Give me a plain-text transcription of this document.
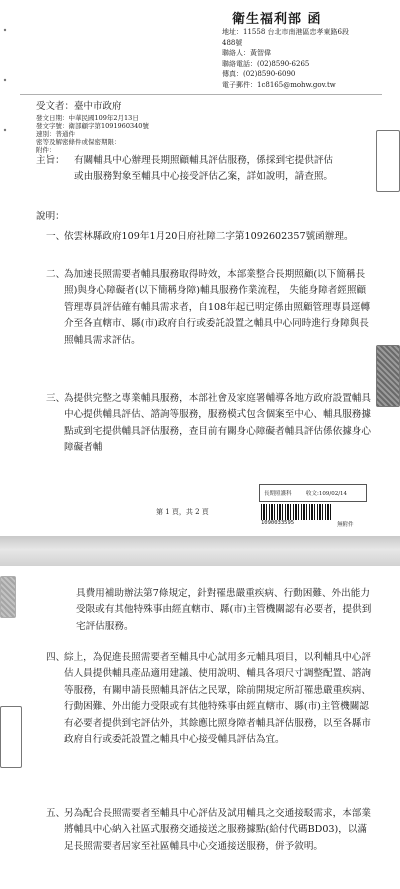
衛生福利部 函
地址：11558 台北市南港區忠孝東路6段
488號
聯絡人：黃智偉
聯絡電話：(02)8590-6265
傳真：(02)8590-6090
電子郵件：1c8165@mohw.gov.tw
受文者：臺中市政府
發文日期：中華民國109年2月13日
發文字號：衛部顧字第1091960340號
速別：普通件
密等及解密條件或保密期限：
附件：
主旨： 有關輔具中心辦理長期照顧輔具評估服務，係採到宅提供評估或由服務對象至輔具中心接受評估乙案，詳如說明，請查照。
說明：
一、
依雲林縣政府109年1月20日府社障二字第1092602357號函辦理。
二、
為加速長照需要者輔具服務取得時效，本部業整合長期照顧(以下簡稱長照)與身心障礙者(以下簡稱身障)輔具服務作業流程， 失能身障者經照顧管理專員評估確有輔具需求者，自108年起已明定係由照顧管理專員逕轉介至各直轄市、縣(市)政府自行或委託設置之輔具中心同時進行身障與長照輔具需求評估。
三、
為提供完整之專業輔具服務，本部社會及家庭署輔導各地方政府設置輔具中心提供輔具評估、諮詢等服務，服務模式包含個案至中心、輔具服務據點或到宅提供輔具評估服務，查目前有關身心障礙者輔具評估係依據身心障礙者輔
第 1 頁，共 2 頁
長期照護科	收文:109/02/14
1090033595	無附件
具費用補助辦法第7條規定，針對罹患嚴重疾病、行動困難、外出能力受限或有其他特殊事由經直轄市、縣(市)主管機關認有必要者，提供到宅評估服務。
四、
綜上，為促進長照需要者至輔具中心試用多元輔具項目，以利輔具中心評估人員提供輔具產品適用建議、使用說明、輔具各項尺寸調整配置、諮詢等服務，有關申請長照輔具評估之民眾，除前開規定所訂罹患嚴重疾病、行動困難、外出能力受限或有其他特殊事由經直轄市、縣(市)主管機關認有必要者提供到宅評估外，其餘應比照身障者輔具評估服務，以至各縣市政府自行或委託設置之輔具中心接受輔具評估為宜。
五、
另為配合長照需要者至輔具中心評估及試用輔具之交通接駁需求，本部業將輔具中心納入社區式服務交通接送之服務據點(給付代碼BD03)，以滿足長照需要者居家至社區輔具中心交通接送服務，併予敘明。
